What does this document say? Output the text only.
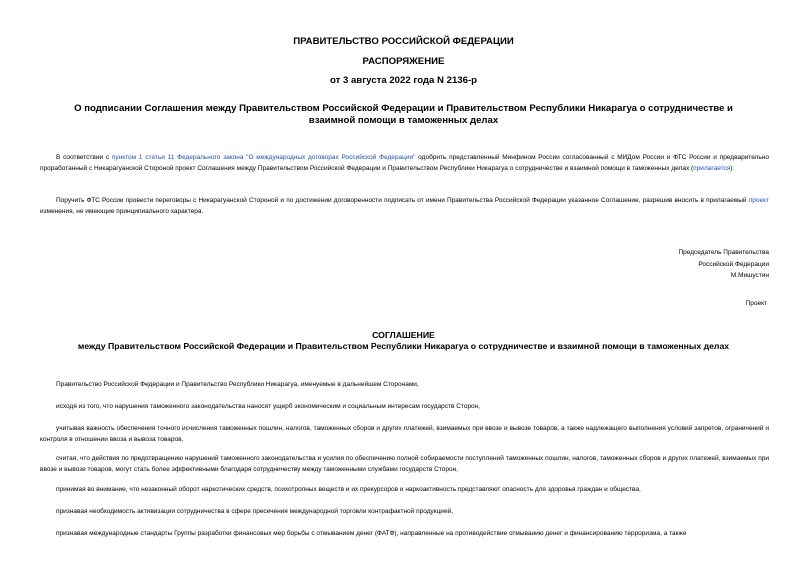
ПРАВИТЕЛЬСТВО РОССИЙСКОЙ ФЕДЕРАЦИИ
РАСПОРЯЖЕНИЕ
от 3 августа 2022 года N 2136-р
О подписании Соглашения между Правительством Российской Федерации и Правительством Республики Никарагуа о сотрудничестве и взаимной помощи в таможенных делах
В соответствии с пунктом 1 статьи 11 Федерального закона "О международных договорах Российской Федерации" одобрить представленный Минфином России согласованный с МИДом России и ФТС России и предварительно проработанный с Никарагуанской Стороной проект Соглашения между Правительством Российской Федерации и Правительством Республики Никарагуа о сотрудничестве и взаимной помощи в таможенных делах (прилагается).
Поручить ФТС России провести переговоры с Никарагуанской Стороной и по достижении договоренности подписать от имени Правительства Российской Федерации указанное Соглашение, разрешив вносить в прилагаемый проект изменения, не имеющие принципиального характера.
Председатель Правительства
Российской Федерации
М.Мишустин
Проект
СОГЛАШЕНИЕ
между Правительством Российской Федерации и Правительством Республики Никарагуа о сотрудничестве и взаимной помощи в таможенных делах
Правительство Российской Федерации и Правительство Республики Никарагуа, именуемые в дальнейшем Сторонами,
исходя из того, что нарушения таможенного законодательства наносят ущерб экономическим и социальным интересам государств Сторон,
учитывая важность обеспечения точного исчисления таможенных пошлин, налогов, таможенных сборов и других платежей, взимаемых при ввозе и вывозе товаров, а также надлежащего выполнения условий запретов, ограничений и контроля в отношении ввоза и вывоза товаров,
считая, что действия по предотвращению нарушений таможенного законодательства и усилия по обеспечению полной собираемости поступлений таможенных пошлин, налогов, таможенных сборов и других платежей, взимаемых при ввозе и вывозе товаров, могут стать более эффективными благодаря сотрудничеству между таможенными службами государств Сторон,
принимая во внимание, что незаконный оборот наркотических средств, психотропных веществ и их прекурсоров и наркоактивность представляют опасность для здоровья граждан и общества,
признавая необходимость активизации сотрудничества в сфере пресечения международной торговли контрафактной продукцией,
признавая международные стандарты Группы разработки финансовых мер борьбы с отмыванием денег (ФАТФ), направленные на противодействие отмыванию денег и финансированию терроризма, а также
